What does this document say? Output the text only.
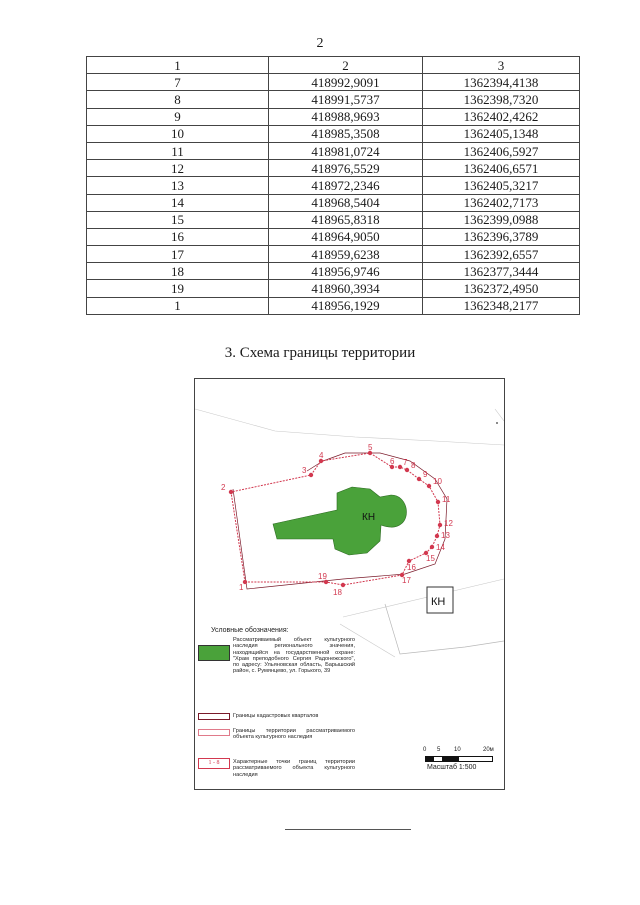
2
1	2	3
7	418992,9091	1362394,4138
8	418991,5737	1362398,7320
9	418988,9693	1362402,4262
10	418985,3508	1362405,1348
11	418981,0724	1362406,5927
12	418976,5529	1362406,6571
13	418972,2346	1362405,3217
14	418968,5404	1362402,7173
15	418965,8318	1362399,0988
16	418964,9050	1362396,3789
17	418959,6238	1362392,6557
18	418956,9746	1362377,3444
19	418960,3934	1362372,4950
1	418956,1929	1362348,2177
3. Схема границы территории
КН
КН
1
2
3
4
5
6 7 8
9
10
11
12
13
14
15
16
17
18
19
Условные обозначения:
Рассматриваемый объект культурного наследия регионального значения, находящийся на государственной охране: "Храм преподобного Сергия Радонежского", по адресу: Ульяновская область, Барышский район, с. Румянцево, ул. Горького, 39
Границы кадастровых кварталов
Границы территории рассматриваемого объекта культурного наследия
1 - 8	Характерные точки границ территории рассматриваемого объекта культурного наследия
0 5 10	20м
Масштаб 1:500
